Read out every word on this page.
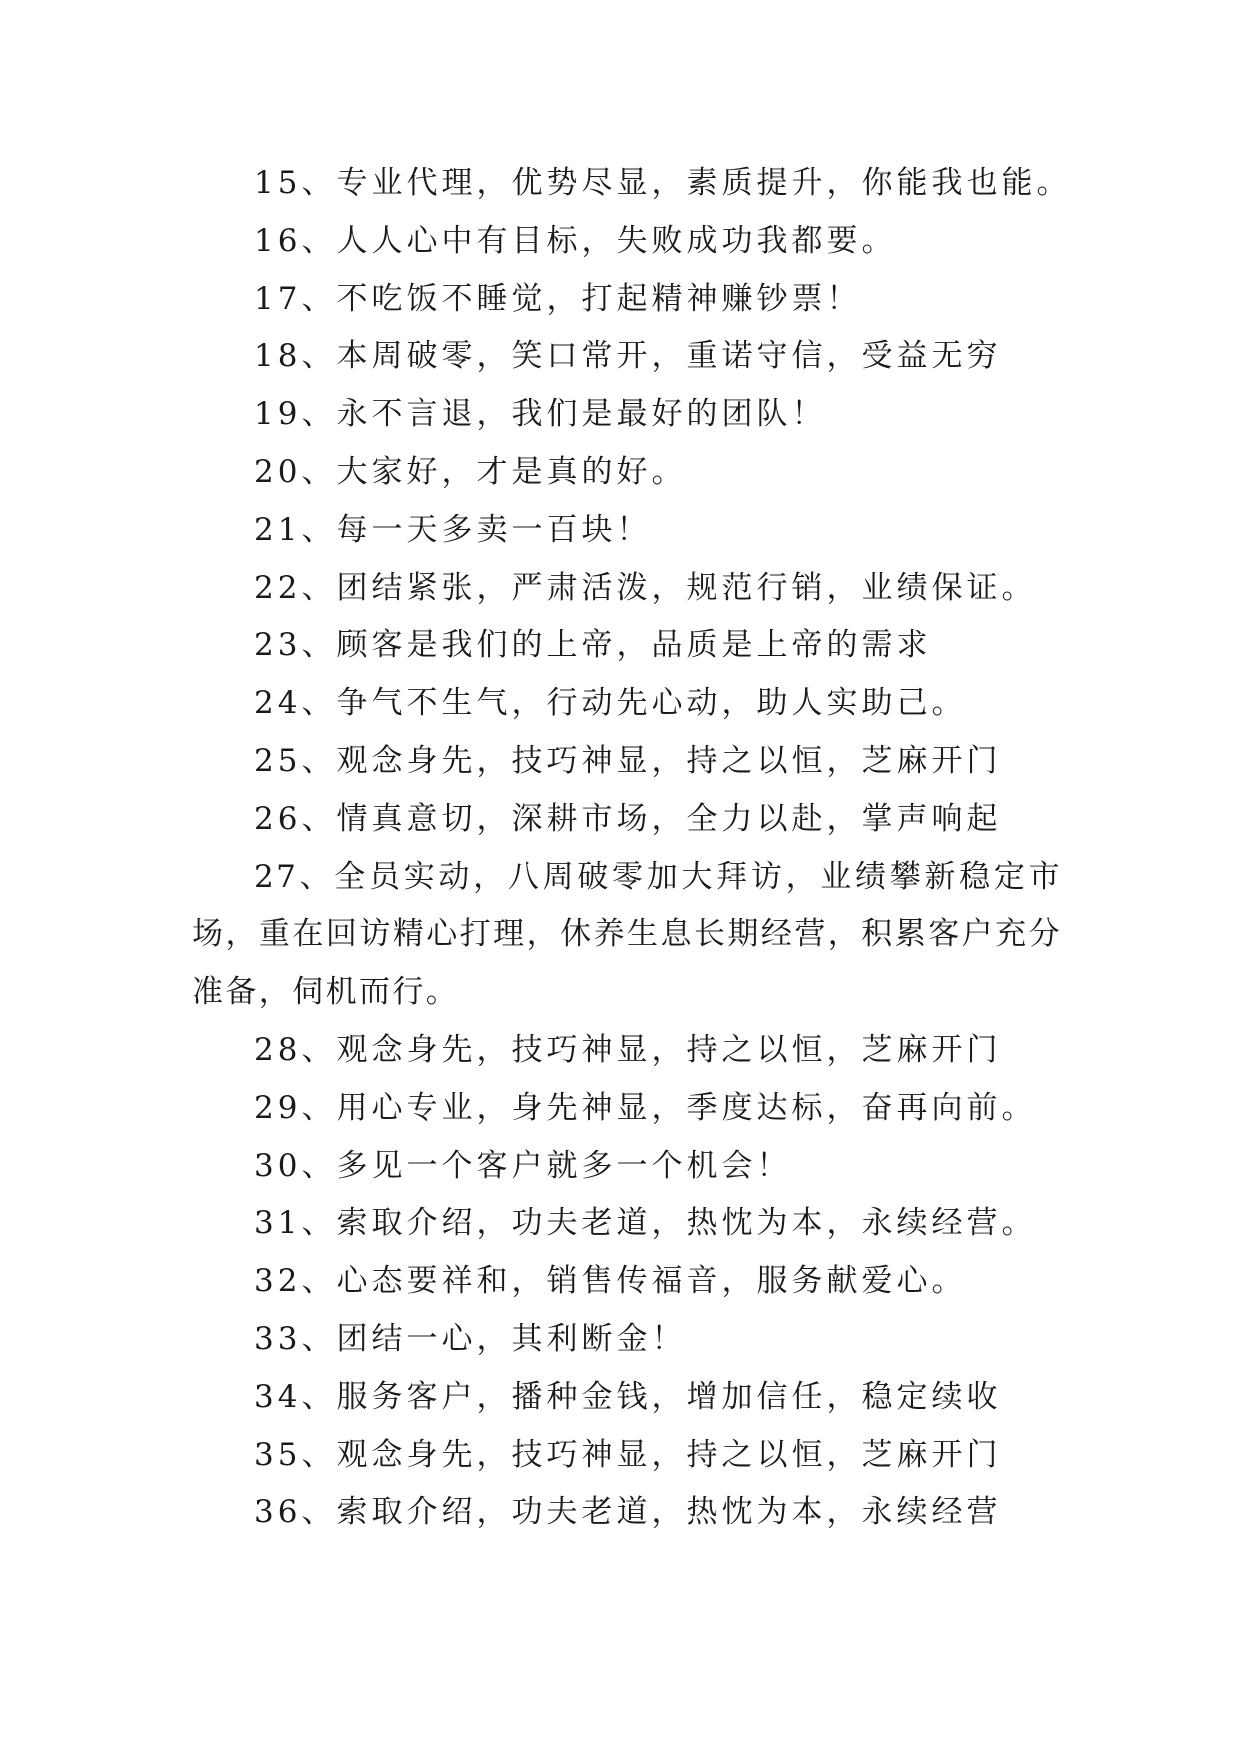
15、专业代理，优势尽显，素质提升，你能我也能。
16、人人心中有目标，失败成功我都要。
17、不吃饭不睡觉，打起精神赚钞票！
18、本周破零，笑口常开，重诺守信，受益无穷
19、永不言退，我们是最好的团队！
20、大家好，才是真的好。
21、每一天多卖一百块！
22、团结紧张，严肃活泼，规范行销，业绩保证。
23、顾客是我们的上帝，品质是上帝的需求
24、争气不生气，行动先心动，助人实助己。
25、观念身先，技巧神显，持之以恒，芝麻开门
26、情真意切，深耕市场，全力以赴，掌声响起
27、全员实动，八周破零加大拜访，业绩攀新稳定市场，重在回访精心打理，休养生息长期经营，积累客户充分准备，伺机而行。
28、观念身先，技巧神显，持之以恒，芝麻开门
29、用心专业，身先神显，季度达标，奋再向前。
30、多见一个客户就多一个机会！
31、索取介绍，功夫老道，热忱为本，永续经营。
32、心态要祥和，销售传福音，服务献爱心。
33、团结一心，其利断金！
34、服务客户，播种金钱，增加信任，稳定续收
35、观念身先，技巧神显，持之以恒，芝麻开门
36、索取介绍，功夫老道，热忱为本，永续经营
